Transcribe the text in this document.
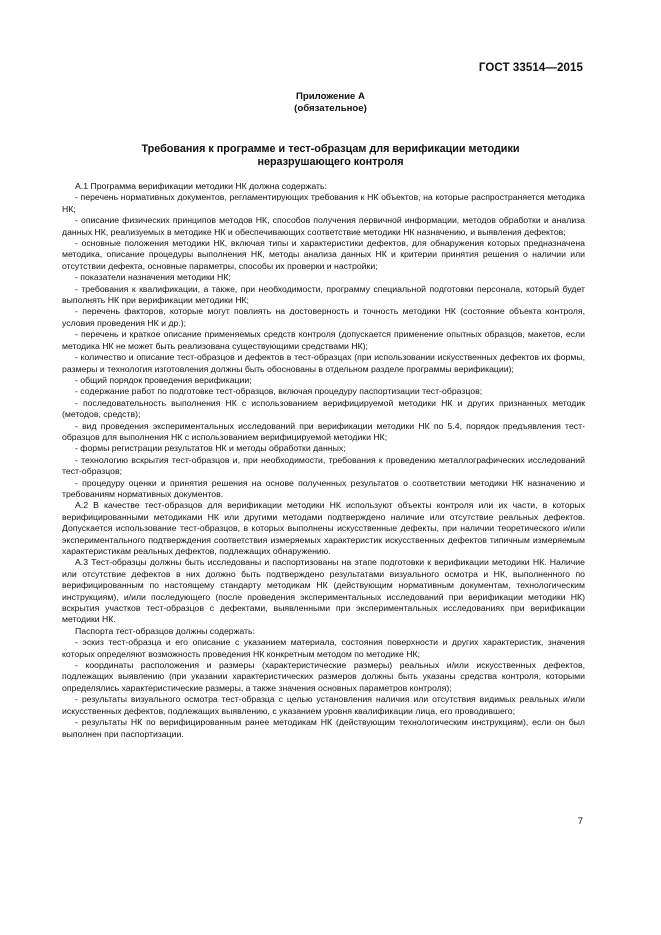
ГОСТ 33514—2015
Приложение А
(обязательное)
Требования к программе и тест-образцам для верификации методики
неразрушающего контроля

А.1 Программа верификации методики НК должна содержать:

- перечень нормативных документов, регламентирующих требования к НК объектов, на которые распространяется методика НК;

- описание физических принципов методов НК, способов получения первичной информации, методов обработки и анализа данных НК, реализуемых в методике НК и обеспечивающих соответствие методики НК назначению, и выявления дефектов;

- основные положения методики НК, включая типы и характеристики дефектов, для обнаружения которых предназначена методика, описание процедуры выполнения НК, методы анализа данных НК и критерии принятия решения о наличии или отсутствии дефекта, основные параметры, способы их проверки и настройки;

- показатели назначения методики НК;

- требования к квалификации, а также, при необходимости, программу специальной подготовки персонала, который будет выполнять НК при верификации методики НК;

- перечень факторов, которые могут повлиять на достоверность и точность методики НК (состояние объекта контроля, условия проведения НК и др.);

- перечень и краткое описание применяемых средств контроля (допускается применение опытных образцов, макетов, если методика НК не может быть реализована существующими средствами НК);

- количество и описание тест-образцов и дефектов в тест-образцах (при использовании искусственных дефектов их формы, размеры и технология изготовления должны быть обоснованы в отдельном разделе программы верификации);

- общий порядок проведения верификации;

- содержание работ по подготовке тест-образцов, включая процедуру паспортизации тест-образцов;

- последовательность выполнения НК с использованием верифицируемой методики НК и других признанных методик (методов, средств);

- вид проведения экспериментальных исследований при верификации методики НК по 5.4, порядок предъявления тест-образцов для выполнения НК с использованием верифицируемой методики НК;

- формы регистрации результатов НК и методы обработки данных;

- технологию вскрытия тест-образцов и, при необходимости, требования к проведению металлографических исследований тест-образцов;

- процедуру оценки и принятия решения на основе полученных результатов о соответствии методики НК назначению и требованиям нормативных документов.

А.2 В качестве тест-образцов для верификации методики НК используют объекты контроля или их части, в которых верифицированными методиками НК или другими методами подтверждено наличие или отсутствие реальных дефектов. Допускается использование тест-образцов, в которых выполнены искусственные дефекты, при наличии теоретического и/или экспериментального подтверждения соответствия измеряемых характеристик искусственных дефектов типичным измеряемым характеристикам реальных дефектов, подлежащих обнаружению.

А.3 Тест-образцы должны быть исследованы и паспортизованы на этапе подготовки к верификации методики НК. Наличие или отсутствие дефектов в них должно быть подтверждено результатами визуального осмотра и НК, выполненного по верифицированным по настоящему стандарту методикам НК (действующим нормативным документам, технологическим инструкциям), и/или последующего (после проведения экспериментальных исследований при верификации методики НК) вскрытия участков тест-образцов с дефектами, выявленными при экспериментальных исследованиях при верификации методики НК.

Паспорта тест-образцов должны содержать:

- эскиз тест-образца и его описание с указанием материала, состояния поверхности и других характеристик, значения которых определяют возможность проведения НК конкретным методом по методике НК;

- координаты расположения и размеры (характеристические размеры) реальных и/или искусственных дефектов, подлежащих выявлению (при указании характеристических размеров должны быть указаны средства контроля, которыми определялись характеристические размеры, а также значения основных параметров контроля);

- результаты визуального осмотра тест-образца с целью установления наличия или отсутствия видимых реальных и/или искусственных дефектов, подлежащих выявлению, с указанием уровня квалификации лица, его проводившего;

- результаты НК по верифицированным ранее методикам НК (действующим технологическим инструкциям), если он был выполнен при паспортизации.

7
